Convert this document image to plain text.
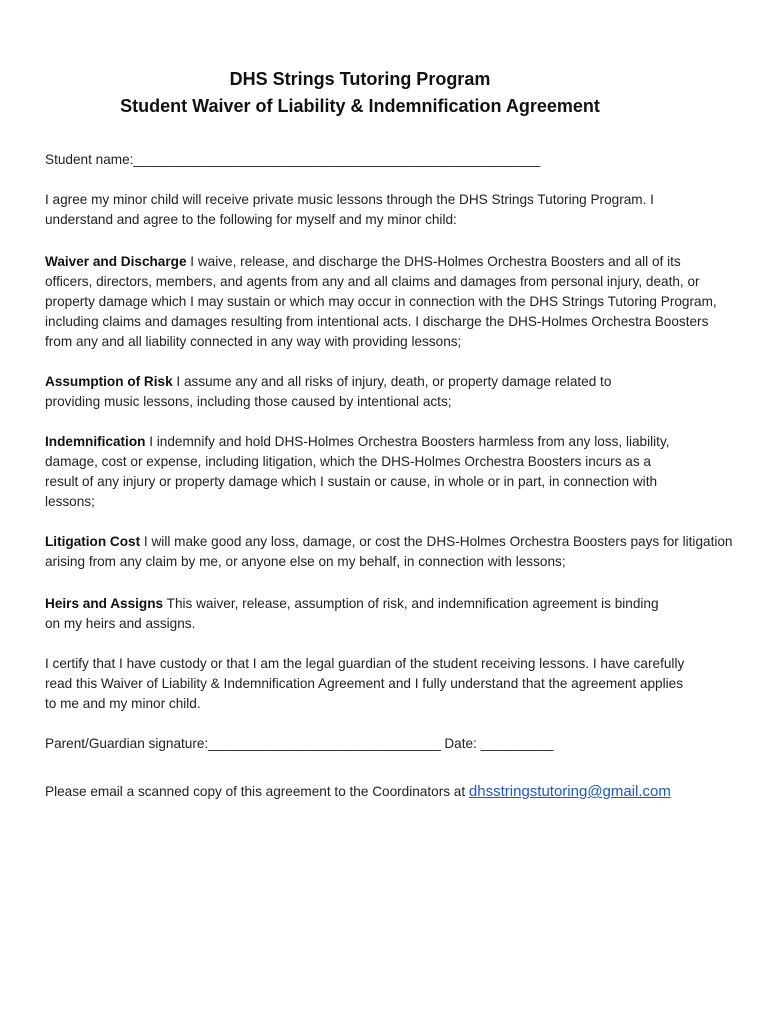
DHS Strings Tutoring Program
Student Waiver of Liability & Indemnification Agreement
Student name:________________________________________________________
I agree my minor child will receive private music lessons through the DHS Strings Tutoring Program. I understand and agree to the following for myself and my minor child:
Waiver and Discharge I waive, release, and discharge the DHS-Holmes Orchestra Boosters and all of its officers, directors, members, and agents from any and all claims and damages from personal injury, death, or property damage which I may sustain or which may occur in connection with the DHS Strings Tutoring Program, including claims and damages resulting from intentional acts. I discharge the DHS-Holmes Orchestra Boosters from any and all liability connected in any way with providing lessons;
Assumption of Risk I assume any and all risks of injury, death, or property damage related to providing music lessons, including those caused by intentional acts;
Indemnification I indemnify and hold DHS-Holmes Orchestra Boosters harmless from any loss, liability, damage, cost or expense, including litigation, which the DHS-Holmes Orchestra Boosters incurs as a result of any injury or property damage which I sustain or cause, in whole or in part, in connection with lessons;
Litigation Cost I will make good any loss, damage, or cost the DHS-Holmes Orchestra Boosters pays for litigation arising from any claim by me, or anyone else on my behalf, in connection with lessons;
Heirs and Assigns This waiver, release, assumption of risk, and indemnification agreement is binding on my heirs and assigns.
I certify that I have custody or that I am the legal guardian of the student receiving lessons. I have carefully read this Waiver of Liability & Indemnification Agreement and I fully understand that the agreement applies to me and my minor child.
Parent/Guardian signature:________________________________ Date: __________
Please email a scanned copy of this agreement to the Coordinators at dhsstringstutoring@gmail.com
